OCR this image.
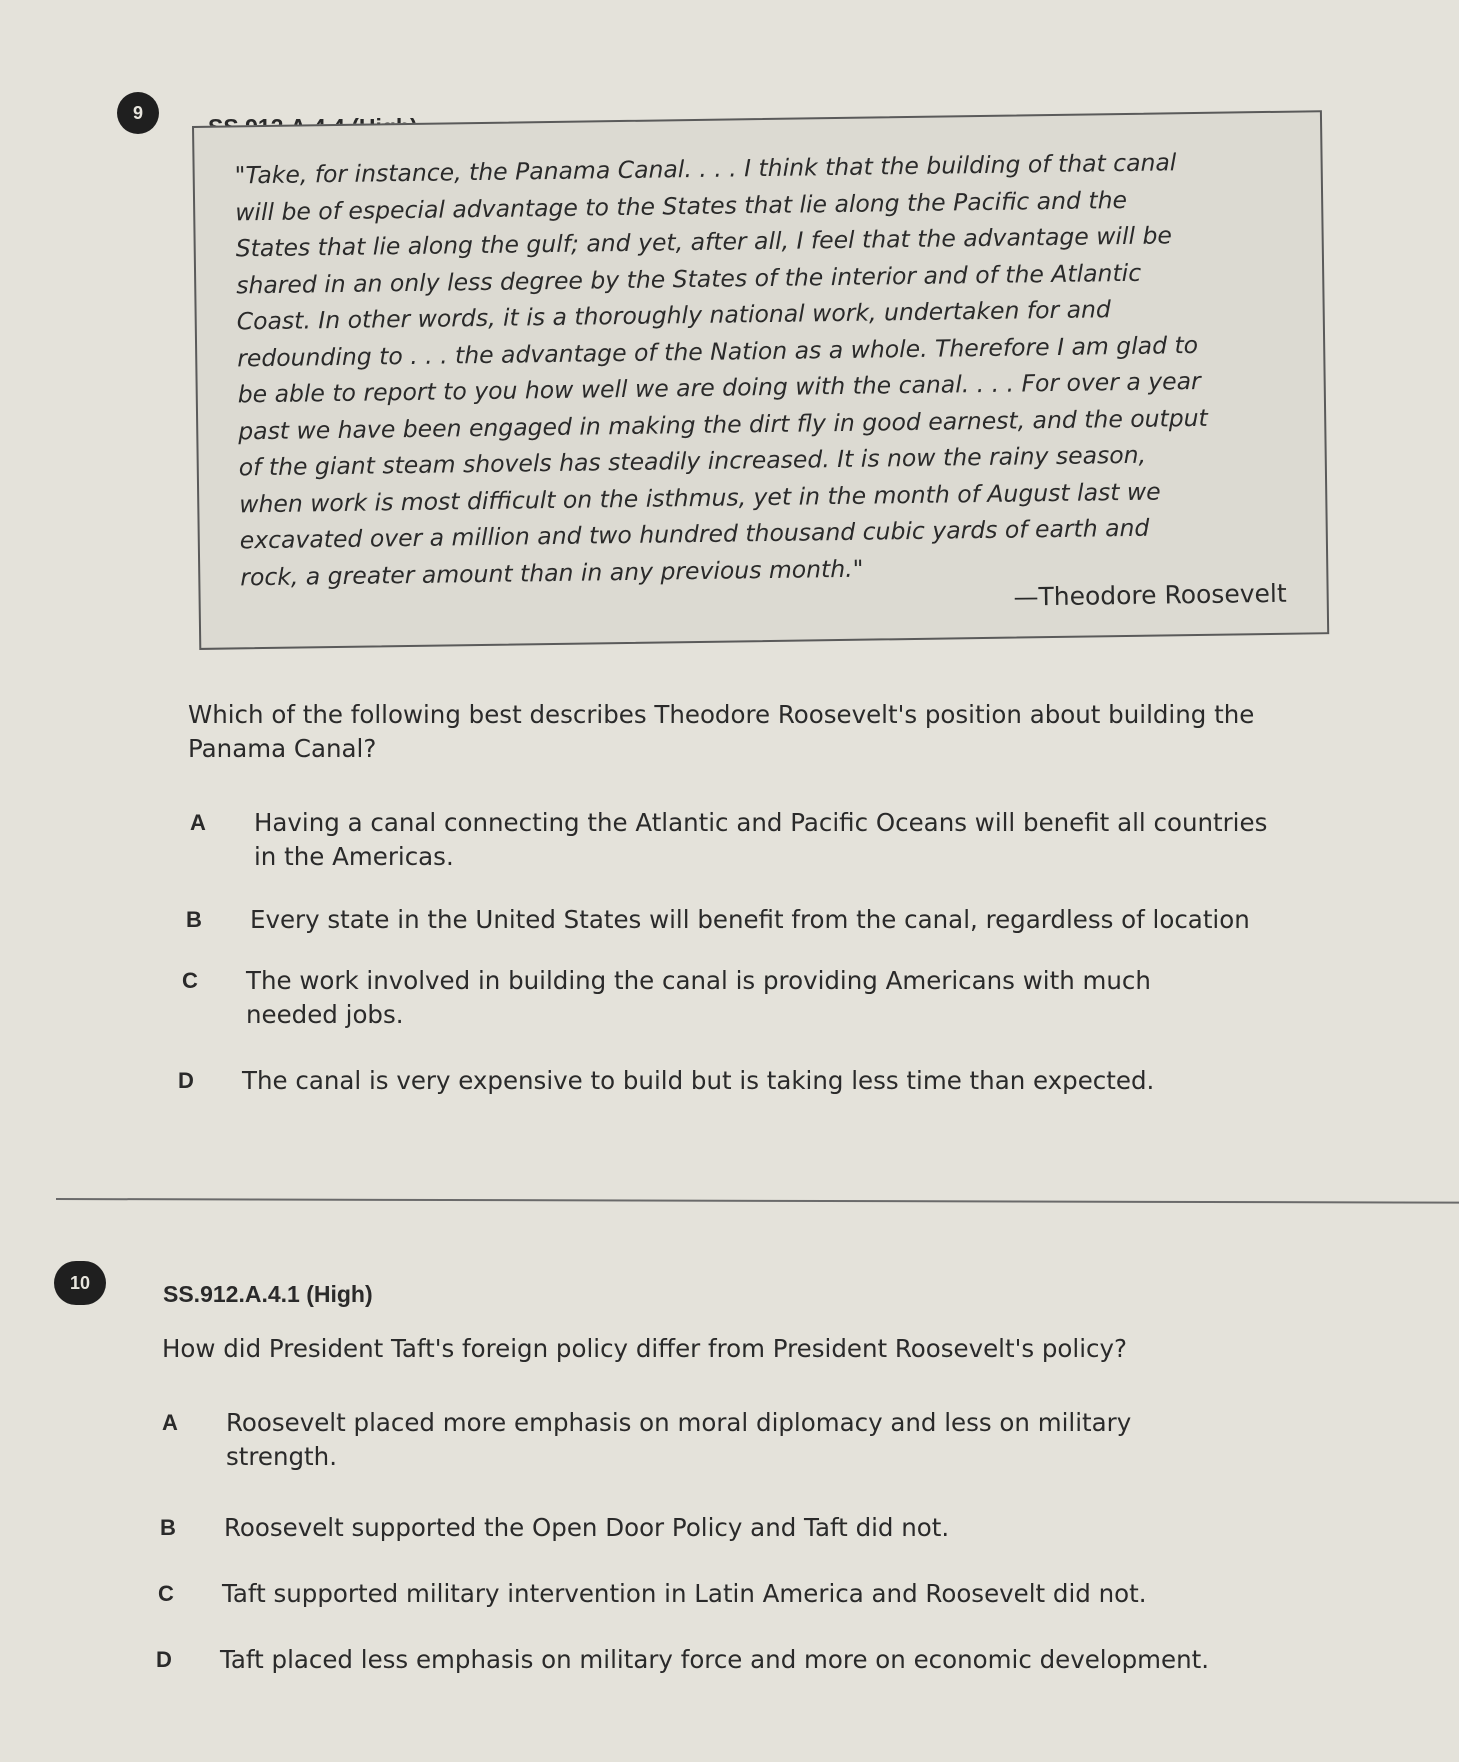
9
"Take, for instance, the Panama Canal. . . . I think that the building of that canal
will be of especial advantage to the States that lie along the Pacific and the
States that lie along the gulf; and yet, after all, I feel that the advantage will be
shared in an only less degree by the States of the interior and of the Atlantic
Coast. In other words, it is a thoroughly national work, undertaken for and
redounding to . . . the advantage of the Nation as a whole. Therefore I am glad to
be able to report to you how well we are doing with the canal. . . . For over a year
past we have been engaged in making the dirt fly in good earnest, and the output
of the giant steam shovels has steadily increased. It is now the rainy season,
when work is most difficult on the isthmus, yet in the month of August last we
excavated over a million and two hundred thousand cubic yards of earth and
rock, a greater amount than in any previous month."
—Theodore Roosevelt
Which of the following best describes Theodore Roosevelt's position about building the
Panama Canal?
A Having a canal connecting the Atlantic and Pacific Oceans will benefit all countries
in the Americas.
B Every state in the United States will benefit from the canal, regardless of location
C The work involved in building the canal is providing Americans with much
needed jobs.
D The canal is very expensive to build but is taking less time than expected.
10	SS.912.A.4.1 (High)
How did President Taft's foreign policy differ from President Roosevelt's policy?
A Roosevelt placed more emphasis on moral diplomacy and less on military
strength.
B Roosevelt supported the Open Door Policy and Taft did not.
C Taft supported military intervention in Latin America and Roosevelt did not.
D Taft placed less emphasis on military force and more on economic development.
